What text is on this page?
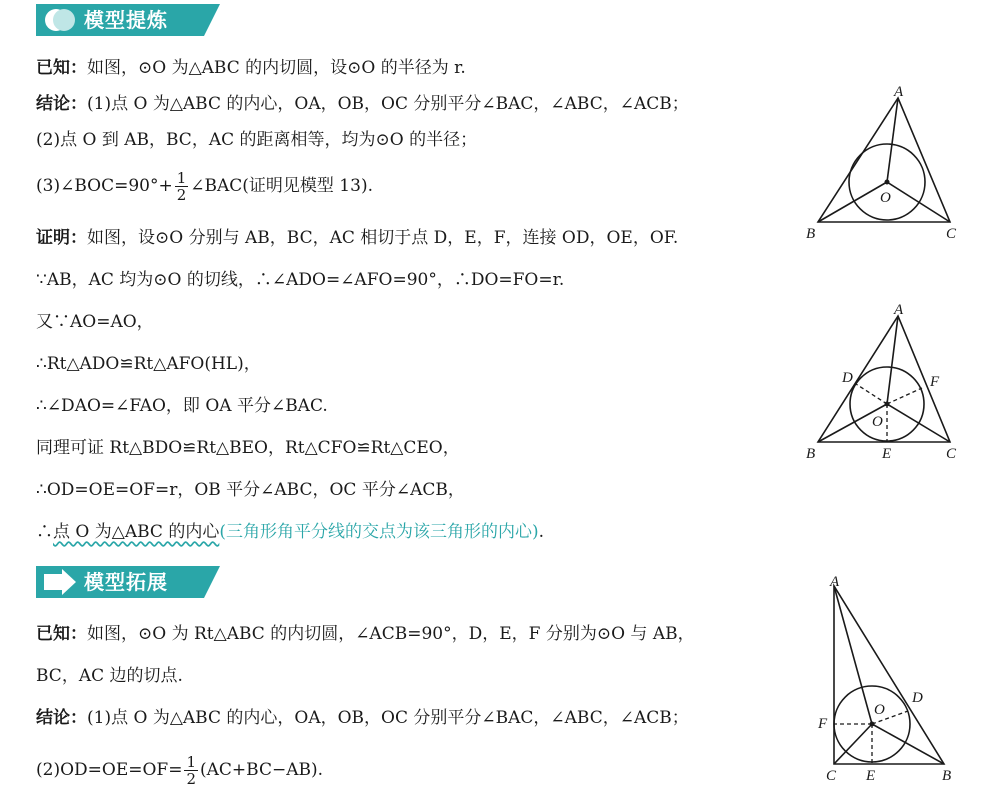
模型提炼
已知：如图，⊙O 为△ABC 的内切圆，设⊙O 的半径为 r.
结论：(1)点 O 为△ABC 的内心，OA，OB，OC 分别平分∠BAC，∠ABC，∠ACB；
(2)点 O 到 AB，BC，AC 的距离相等，均为⊙O 的半径；
(3)∠BOC=90°+ $\frac{1}{2}$ ∠BAC(证明见模型 13).
证明：如图，设⊙O 分别与 AB，BC，AC 相切于点 D，E，F，连接 OD，OE，OF.
∵AB，AC 均为⊙O 的切线，∴∠ADO=∠AFO=90°，∴DO=FO=r.
又∵AO=AO，
∴Rt△ADO≌Rt△AFO(HL)，
∴∠DAO=∠FAO，即 OA 平分∠BAC.
同理可证 Rt△BDO≌Rt△BEO，Rt△CFO≌Rt△CEO，
∴OD=OE=OF=r，OB 平分∠ABC，OC 平分∠ACB，
∴点 O 为△ABC 的内心(三角形角平分线的交点为该三角形的内心).
模型拓展
已知：如图，⊙O 为 Rt△ABC 的内切圆，∠ACB=90°，D，E，F 分别为⊙O 与 AB，
BC，AC 边的切点.
结论：(1)点 O 为△ABC 的内心，OA，OB，OC 分别平分∠BAC，∠ABC，∠ACB；
$(2)OD=OE=OF= \frac{1}{2} (AC+BC-AB)$.
A
B	C
O
A
B	C
O
D	F
E
A
C	B
O
D
F
E
